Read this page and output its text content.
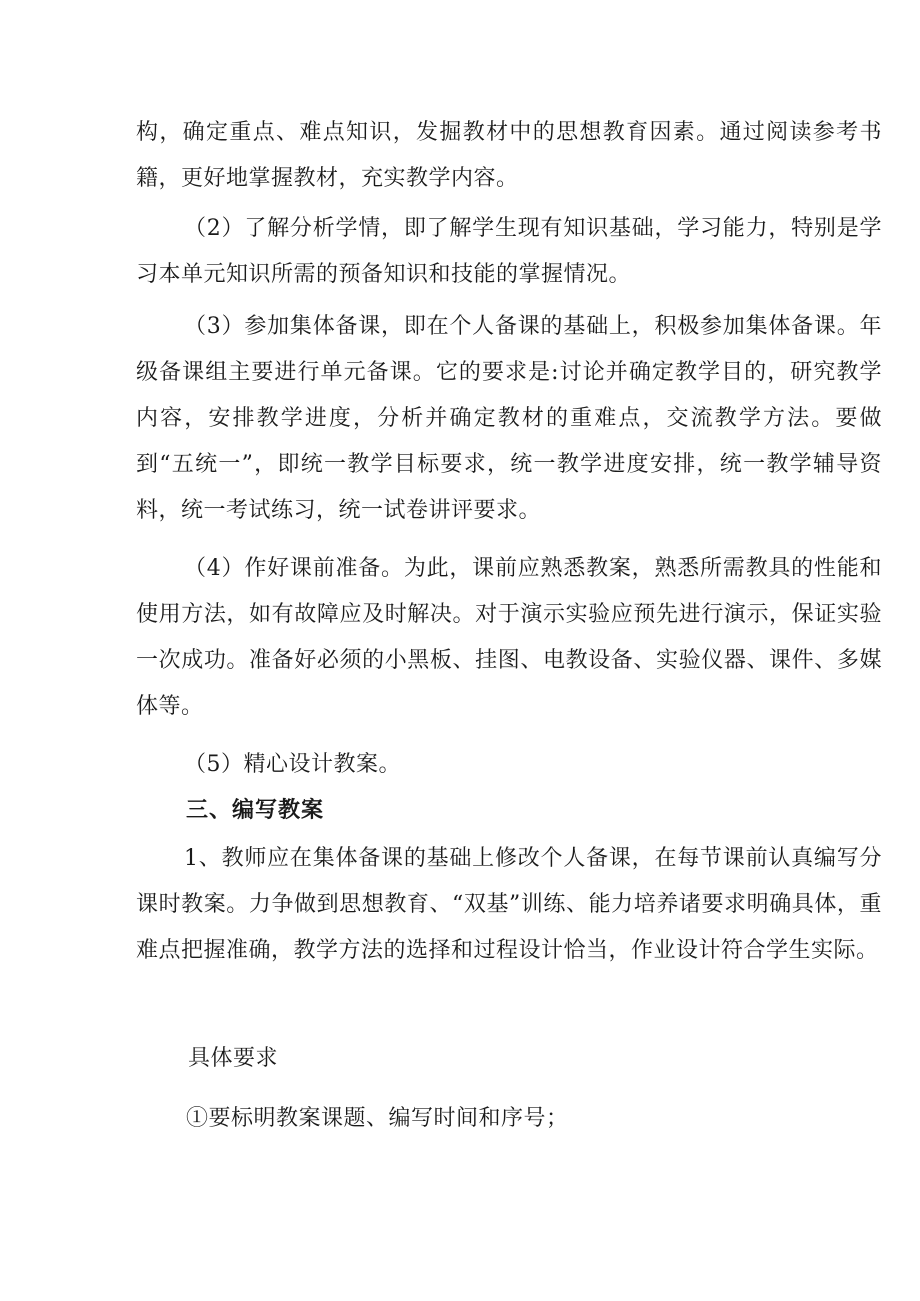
构，确定重点、难点知识，发掘教材中的思想教育因素。通过阅读参考书籍，更好地掌握教材，充实教学内容。

（2）了解分析学情，即了解学生现有知识基础，学习能力，特别是学习本单元知识所需的预备知识和技能的掌握情况。

（3）参加集体备课，即在个人备课的基础上，积极参加集体备课。年级备课组主要进行单元备课。它的要求是:讨论并确定教学目的，研究教学内容，安排教学进度，分析并确定教材的重难点，交流教学方法。要做到“五统一”，即统一教学目标要求，统一教学进度安排，统一教学辅导资料，统一考试练习，统一试卷讲评要求。

（4）作好课前准备。为此，课前应熟悉教案，熟悉所需教具的性能和使用方法，如有故障应及时解决。对于演示实验应预先进行演示，保证实验一次成功。准备好必须的小黑板、挂图、电教设备、实验仪器、课件、多媒体等。

（5）精心设计教案。

三、编写教案

1、教师应在集体备课的基础上修改个人备课，在每节课前认真编写分课时教案。力争做到思想教育、“双基”训练、能力培养诸要求明确具体，重难点把握准确，教学方法的选择和过程设计恰当，作业设计符合学生实际。

具体要求

①要标明教案课题、编写时间和序号；
